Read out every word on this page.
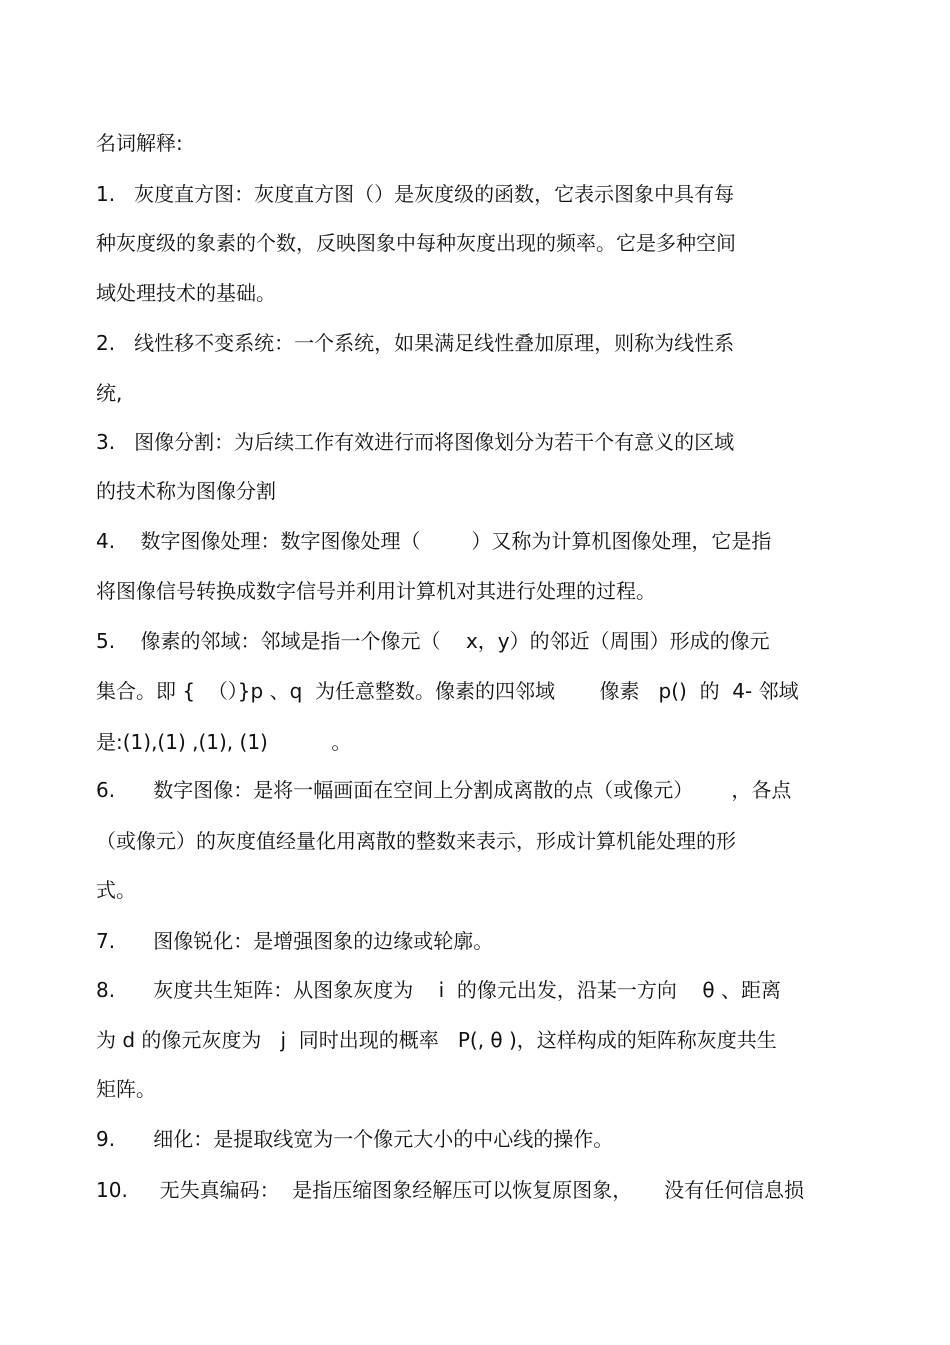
名词解释:
1.   灰度直方图：灰度直方图（）是灰度级的函数，它表示图象中具有每
种灰度级的象素的个数，反映图象中每种灰度出现的频率。它是多种空间
域处理技术的基础。
2.   线性移不变系统：一个系统，如果满足线性叠加原理，则称为线性系
统,
3.   图像分割：为后续工作有效进行而将图像划分为若干个有意义的区域
的技术称为图像分割
4.    数字图像处理：数字图像处理（        ）又称为计算机图像处理，它是指
将图像信号转换成数字信号并利用计算机对其进行处理的过程。
5.    像素的邻域：邻域是指一个像元（    x，y）的邻近（周围）形成的像元
集合。即 {  （）}p 、q  为任意整数。像素的四邻域       像素   p()  的  4- 邻域
是:(1),(1) ,(1), (1)          。
6.      数字图像：是将一幅画面在空间上分割成离散的点（或像元）      ，各点
（或像元）的灰度值经量化用离散的整数来表示，形成计算机能处理的形
式。
7.      图像锐化：是增强图象的边缘或轮廓。
8.      灰度共生矩阵：从图象灰度为    i  的像元出发，沿某一方向    θ 、距离
为 d 的像元灰度为   j  同时出现的概率   P(, θ )，这样构成的矩阵称灰度共生
矩阵。
9.      细化：是提取线宽为一个像元大小的中心线的操作。
10.     无失真编码：  是指压缩图象经解压可以恢复原图象，     没有任何信息损
